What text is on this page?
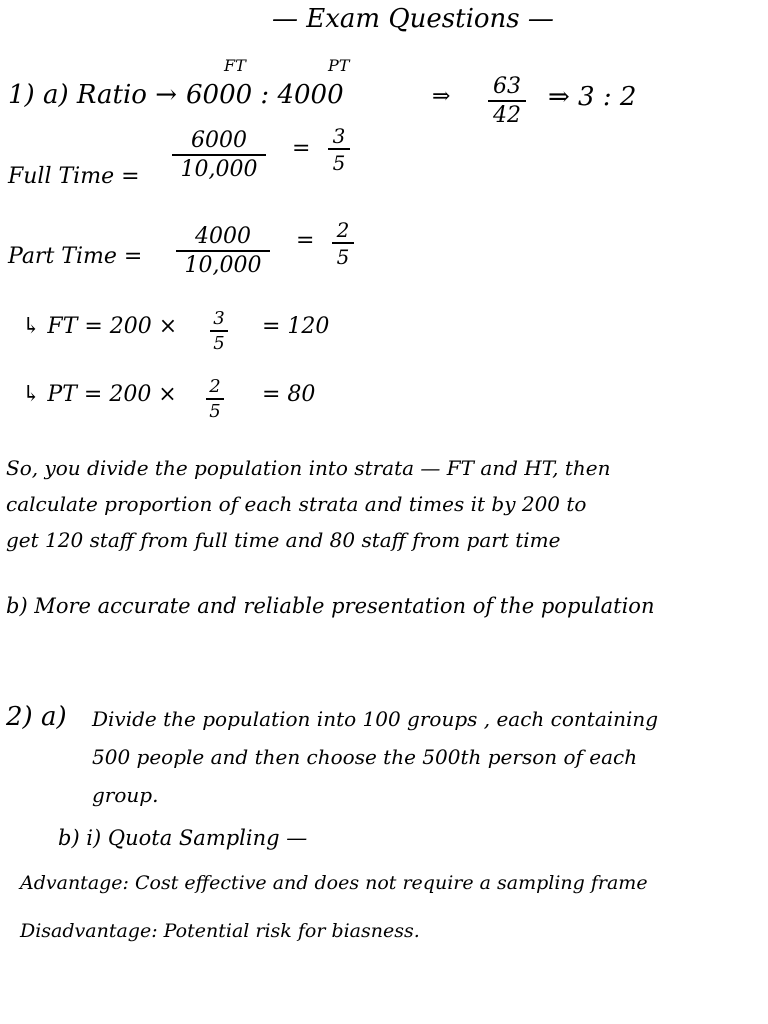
— Exam Questions —
FT	PT
1) a) Ratio → 6000 : 4000	⇒ 63
42
⇒ 3 : 2
Full Time =
6000
10,000
= 3
5
Part Time =
4000
10,000
= 2
5
↳ FT = 200 × 3
5
= 120
↳ PT = 200 × 2
5
= 80
So, you divide the population into strata — FT and HT, then
calculate proportion of each strata and times it by 200 to
get 120 staff from full time and 80 staff from part time
b) More accurate and reliable presentation of the population
2) a) Divide the population into 100 groups , each containing
500 people and then choose the 500th person of each
group.
b) i) Quota Sampling —
Advantage: Cost effective and does not require a sampling frame
Disadvantage: Potential risk for biasness.
